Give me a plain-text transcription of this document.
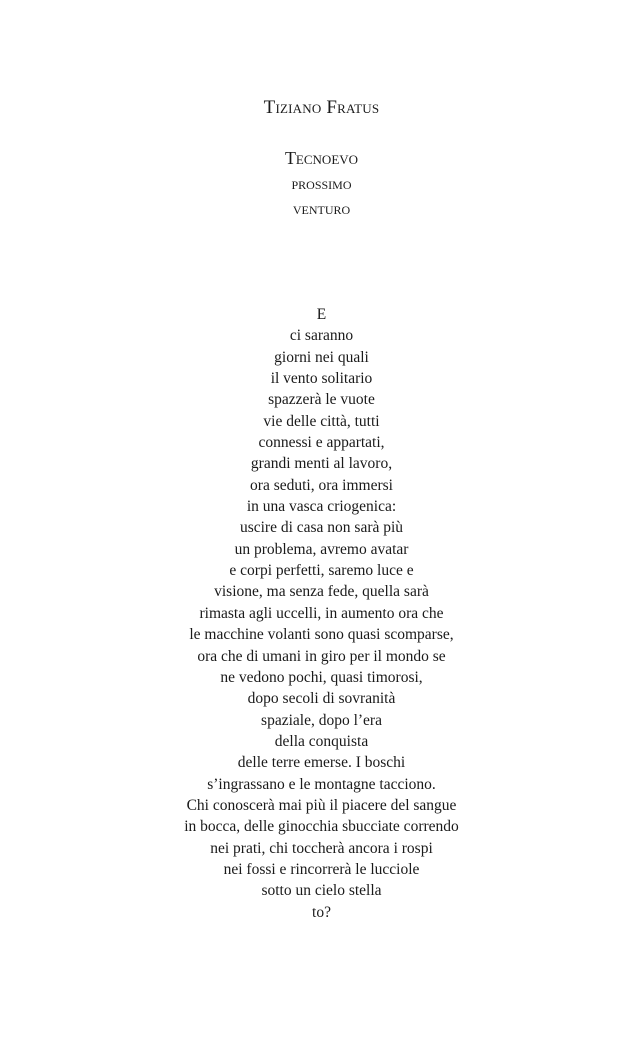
Tiziano Fratus
Tecnoevo
prossimo
venturo
E
ci saranno
giorni nei quali
il vento solitario
spazzerà le vuote
vie delle città, tutti
connessi e appartati,
grandi menti al lavoro,
ora seduti, ora immersi
in una vasca criogenica:
uscire di casa non sarà più
un problema, avremo avatar
e corpi perfetti, saremo luce e
visione, ma senza fede, quella sarà
rimasta agli uccelli, in aumento ora che
le macchine volanti sono quasi scomparse,
ora che di umani in giro per il mondo se
ne vedono pochi, quasi timorosi,
dopo secoli di sovranità
spaziale, dopo l’era
della conquista
delle terre emerse. I boschi
s’ingrassano e le montagne tacciono.
Chi conoscerà mai più il piacere del sangue
in bocca, delle ginocchia sbucciate correndo
nei prati, chi toccherà ancora i rospi
nei fossi e rincorrerà le lucciole
sotto un cielo stella
to?
